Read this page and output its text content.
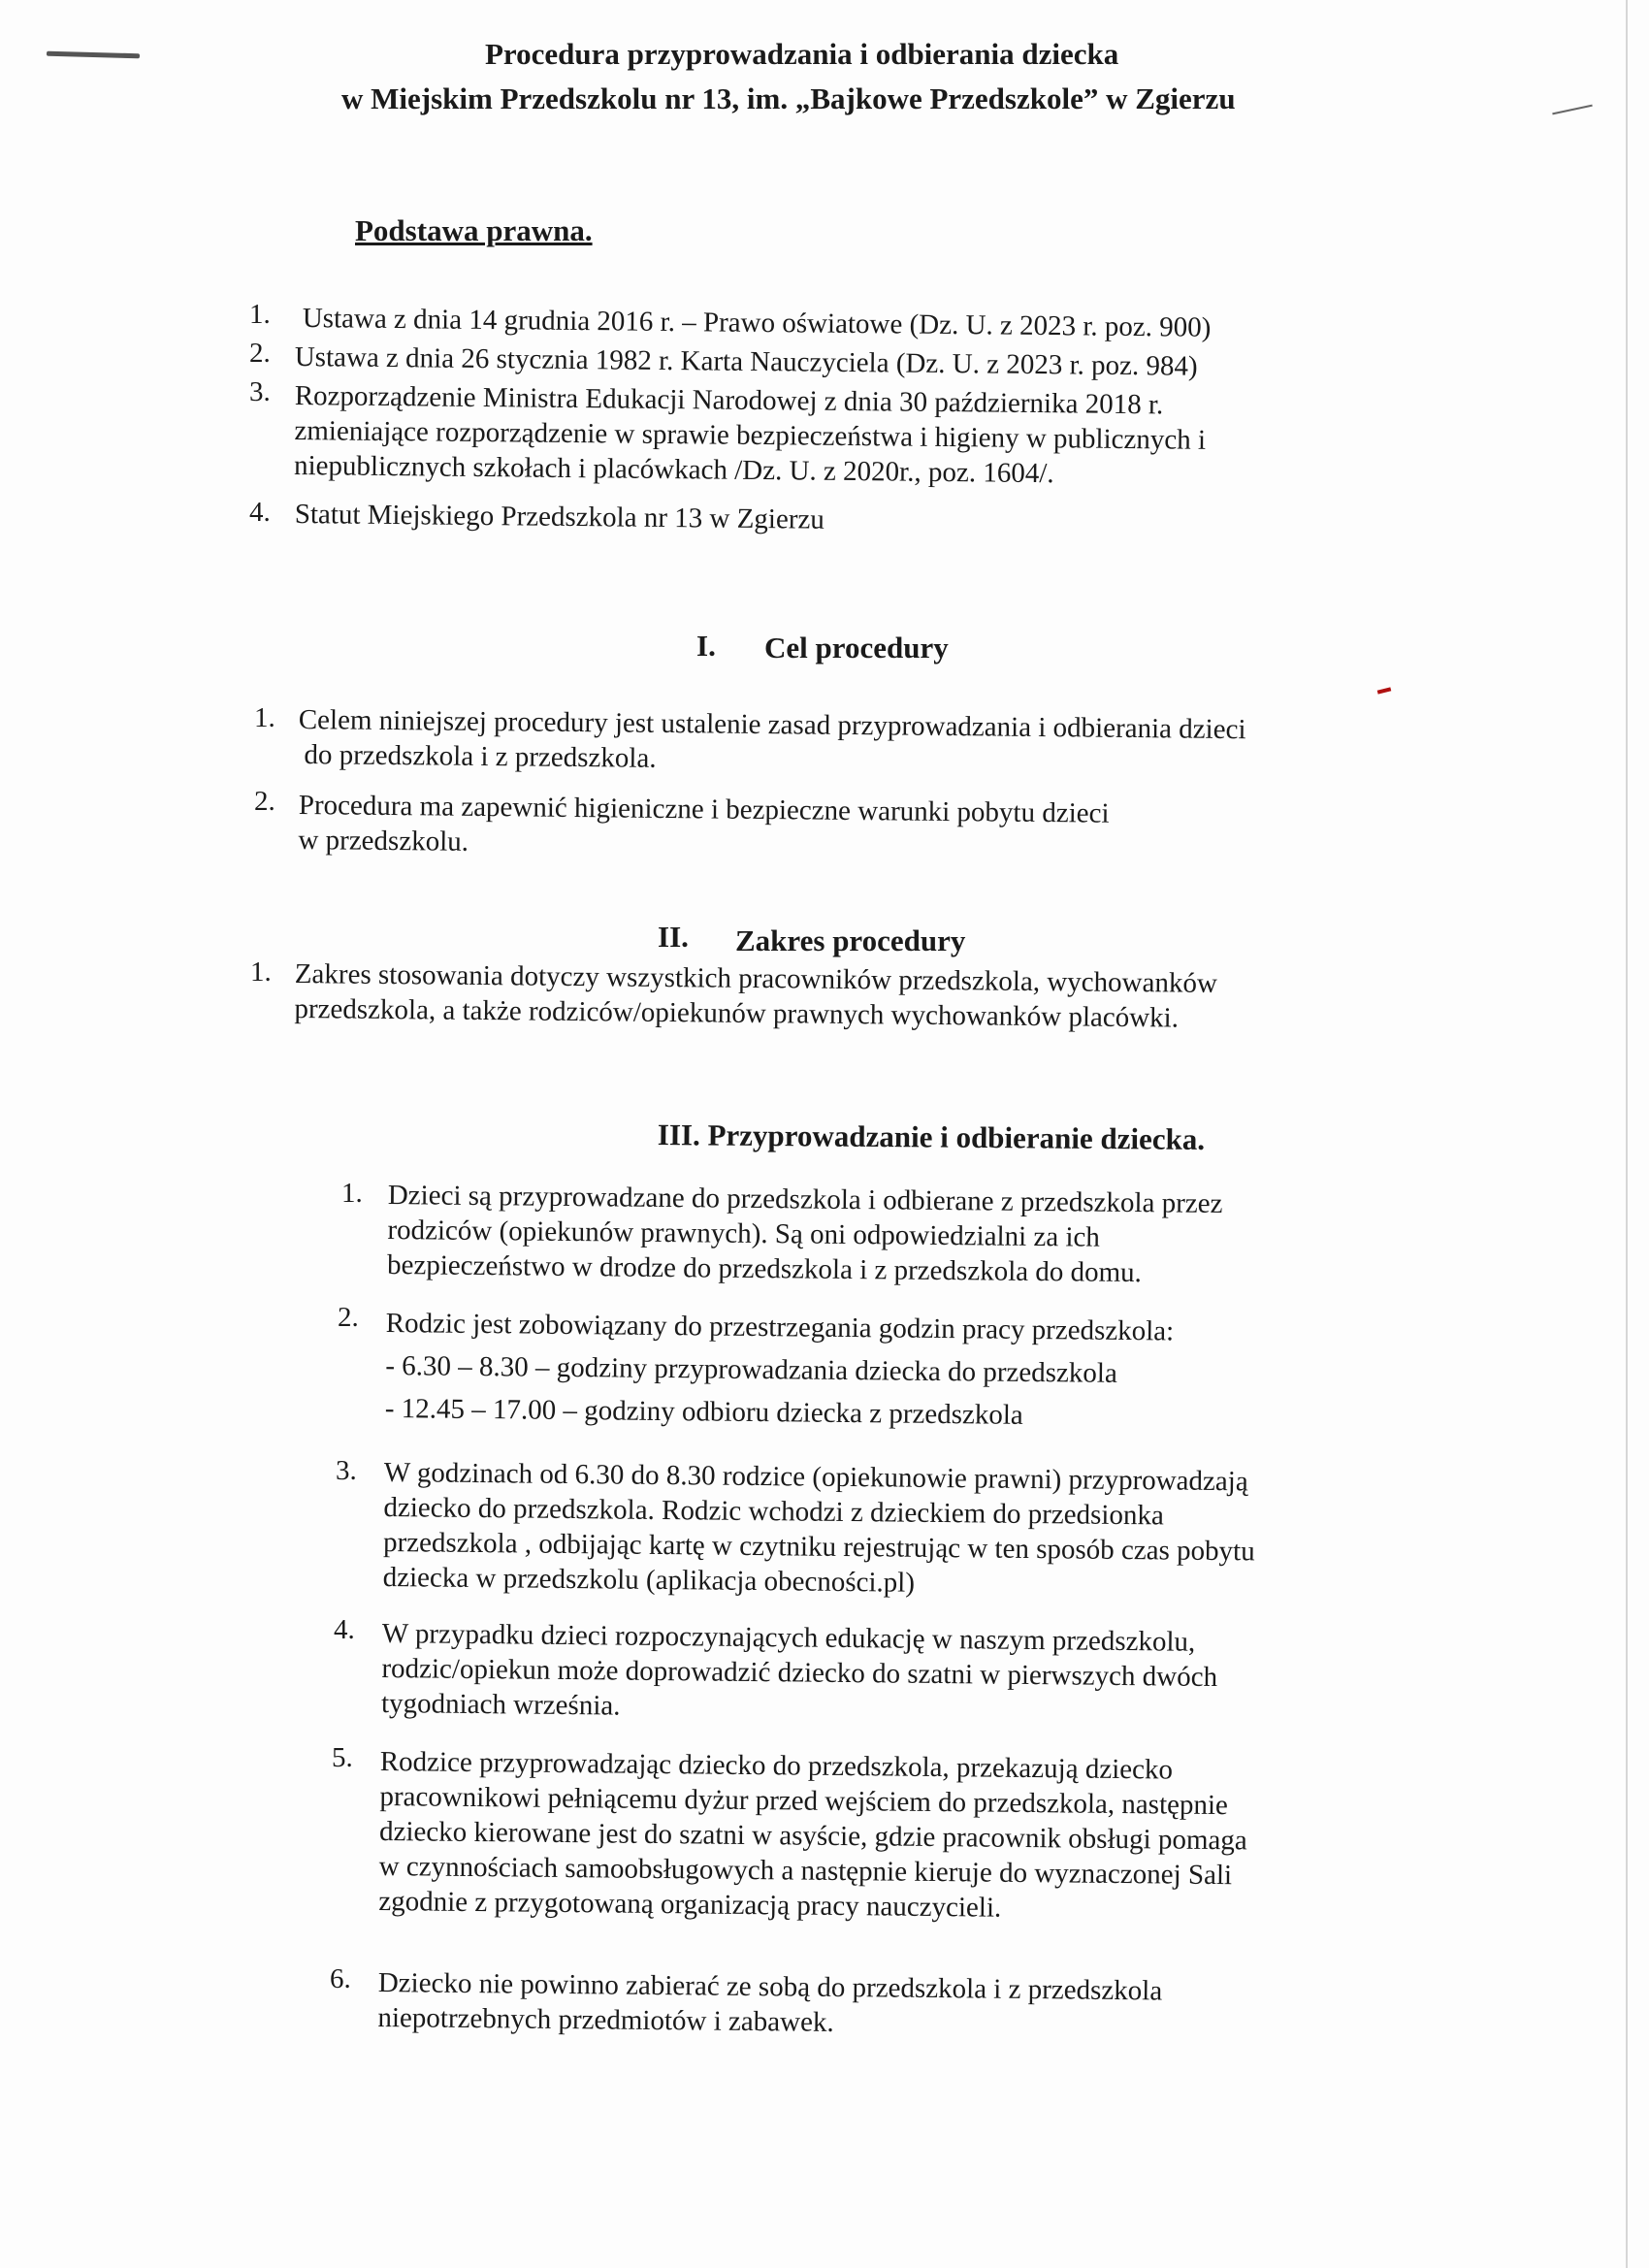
Procedura przyprowadzania i odbierania dziecka
w Miejskim Przedszkolu nr 13, im. „Bajkowe Przedszkole” w Zgierzu
Podstawa prawna.
1. Ustawa z dnia 14 grudnia 2016 r. – Prawo oświatowe (Dz. U. z 2023 r. poz. 900)
2. Ustawa z dnia 26 stycznia 1982 r. Karta Nauczyciela (Dz. U. z 2023 r. poz. 984)
3. Rozporządzenie Ministra Edukacji Narodowej z dnia 30 października 2018 r.
zmieniające rozporządzenie w sprawie bezpieczeństwa i higieny w publicznych i
niepublicznych szkołach i placówkach /Dz. U. z 2020r., poz. 1604/.
4. Statut Miejskiego Przedszkola nr 13 w Zgierzu
I. Cel procedury
1. Celem niniejszej procedury jest ustalenie zasad przyprowadzania i odbierania dzieci
do przedszkola i z przedszkola.
2. Procedura ma zapewnić higieniczne i bezpieczne warunki pobytu dzieci
w przedszkolu.
II. Zakres procedury
1. Zakres stosowania dotyczy wszystkich pracowników przedszkola, wychowanków
przedszkola, a także rodziców/opiekunów prawnych wychowanków placówki.
III. Przyprowadzanie i odbieranie dziecka.
1. Dzieci są przyprowadzane do przedszkola i odbierane z przedszkola przez
rodziców (opiekunów prawnych). Są oni odpowiedzialni za ich
bezpieczeństwo w drodze do przedszkola i z przedszkola do domu.
2. Rodzic jest zobowiązany do przestrzegania godzin pracy przedszkola:
- 6.30 – 8.30 – godziny przyprowadzania dziecka do przedszkola
- 12.45 – 17.00 – godziny odbioru dziecka z przedszkola
3. W godzinach od 6.30 do 8.30 rodzice (opiekunowie prawni) przyprowadzają
dziecko do przedszkola. Rodzic wchodzi z dzieckiem do przedsionka
przedszkola , odbijając kartę w czytniku rejestrując w ten sposób czas pobytu
dziecka w przedszkolu (aplikacja obecności.pl)
4. W przypadku dzieci rozpoczynających edukację w naszym przedszkolu,
rodzic/opiekun może doprowadzić dziecko do szatni w pierwszych dwóch
tygodniach września.
5. Rodzice przyprowadzając dziecko do przedszkola, przekazują dziecko
pracownikowi pełniącemu dyżur przed wejściem do przedszkola, następnie
dziecko kierowane jest do szatni w asyście, gdzie pracownik obsługi pomaga
w czynnościach samoobsługowych a następnie kieruje do wyznaczonej Sali
zgodnie z przygotowaną organizacją pracy nauczycieli.
6. Dziecko nie powinno zabierać ze sobą do przedszkola i z przedszkola
niepotrzebnych przedmiotów i zabawek.
